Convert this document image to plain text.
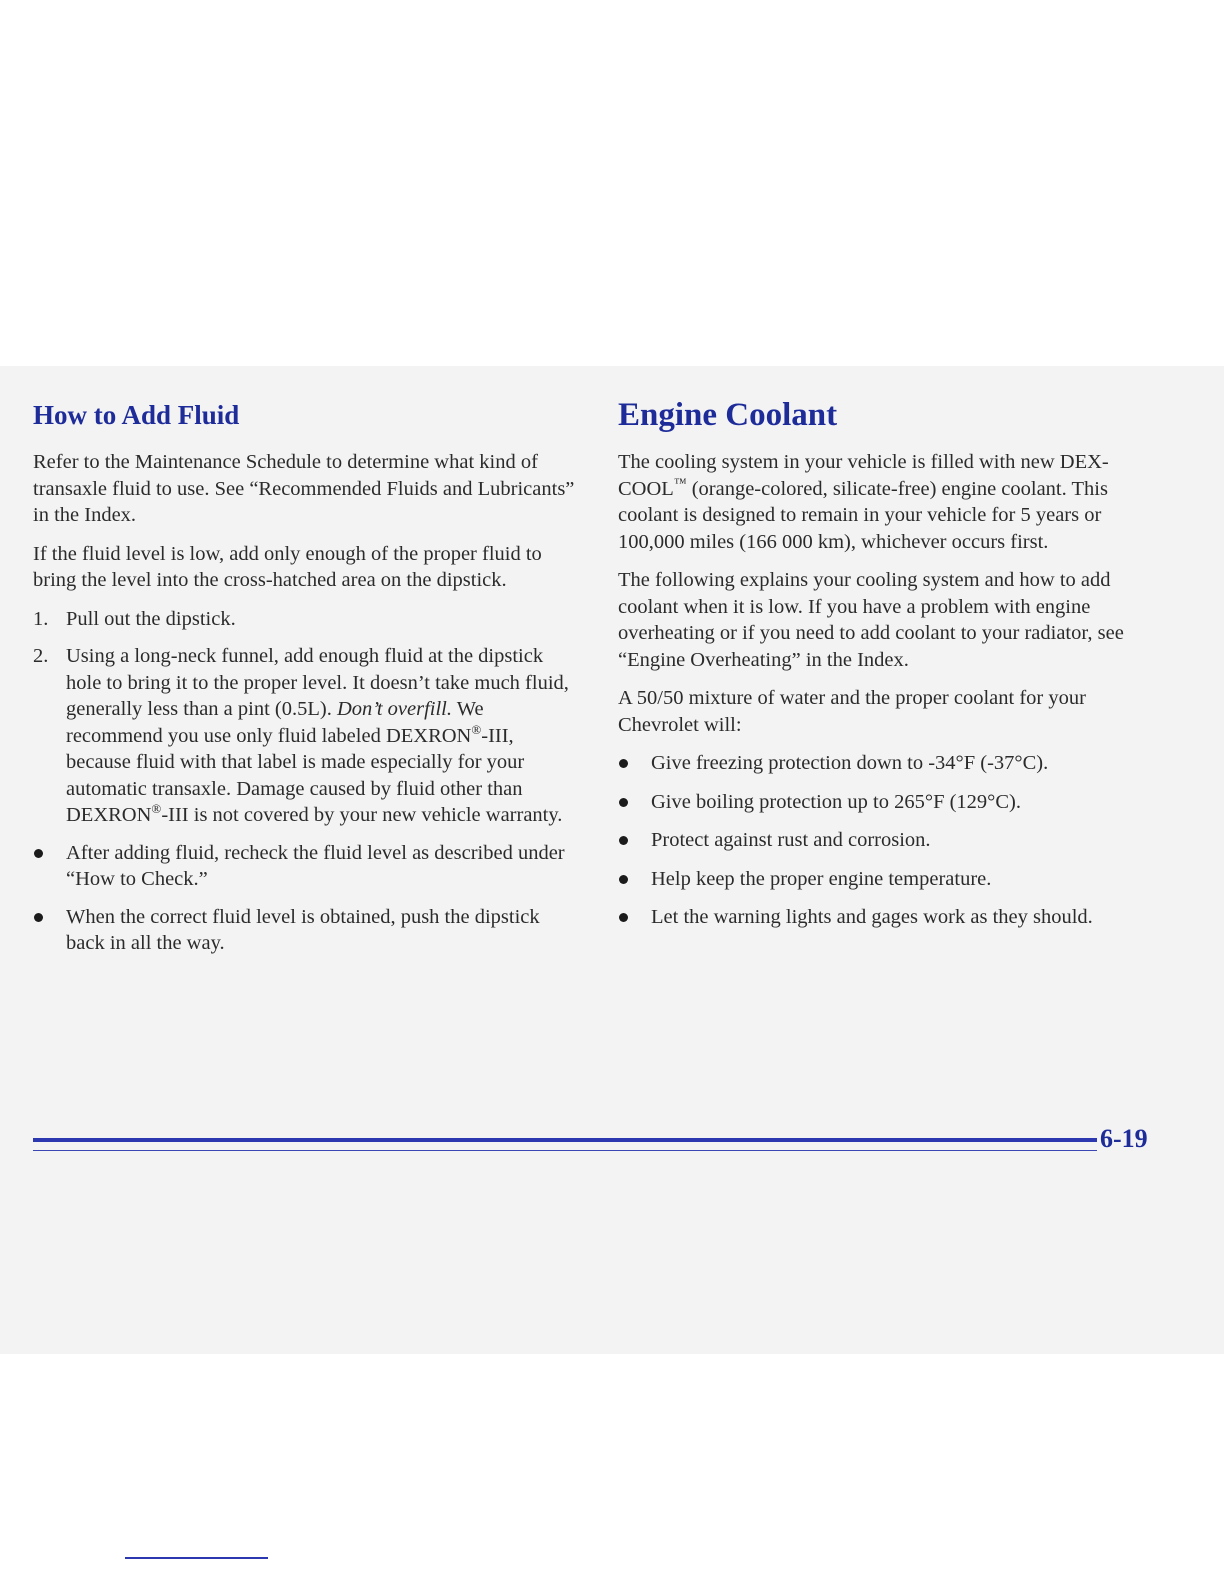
How to Add Fluid

Refer to the Maintenance Schedule to determine what kind of transaxle fluid to use. See “Recommended Fluids and Lubricants” in the Index.

If the fluid level is low, add only enough of the proper fluid to bring the level into the cross-hatched area on the dipstick.

1. Pull out the dipstick.
2. Using a long-neck funnel, add enough fluid at the dipstick hole to bring it to the proper level. It doesn’t take much fluid, generally less than a pint (0.5L). Don’t overfill. We recommend you use only fluid labeled DEXRON®-III, because fluid with that label is made especially for your automatic transaxle. Damage caused by fluid other than DEXRON®-III is not covered by your new vehicle warranty.
After adding fluid, recheck the fluid level as described under “How to Check.”
When the correct fluid level is obtained, push the dipstick back in all the way.
Engine Coolant

The cooling system in your vehicle is filled with new DEX-COOL™ (orange-colored, silicate-free) engine coolant. This coolant is designed to remain in your vehicle for 5 years or 100,000 miles (166 000 km), whichever occurs first.

The following explains your cooling system and how to add coolant when it is low. If you have a problem with engine overheating or if you need to add coolant to your radiator, see “Engine Overheating” in the Index.

A 50/50 mixture of water and the proper coolant for your Chevrolet will:

Give freezing protection down to -34°F (-37°C).
Give boiling protection up to 265°F (129°C).
Protect against rust and corrosion.
Help keep the proper engine temperature.
Let the warning lights and gages work as they should.
6-19
